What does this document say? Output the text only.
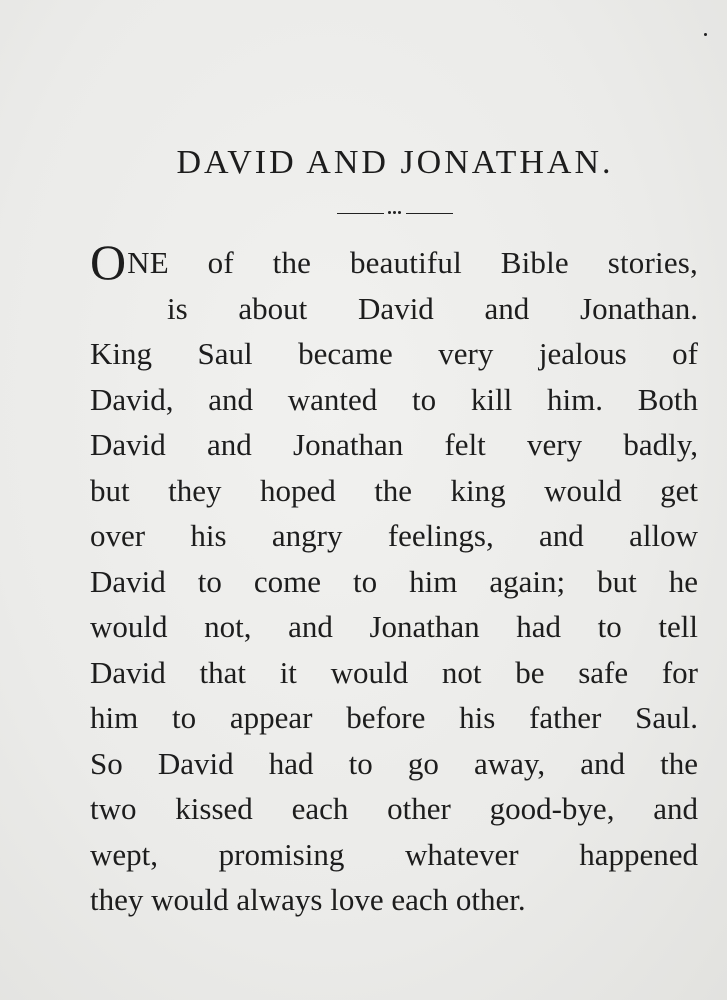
DAVID AND JONATHAN.
ONE of the beautiful Bible stories,
is about David and Jonathan.
King Saul became very jealous of
David, and wanted to kill him. Both
David and Jonathan felt very badly,
but they hoped the king would get
over his angry feelings, and allow
David to come to him again; but he
would not, and Jonathan had to tell
David that it would not be safe for
him to appear before his father Saul.
So David had to go away, and the
two kissed each other good-bye, and
wept, promising whatever happened
they would always love each other.
